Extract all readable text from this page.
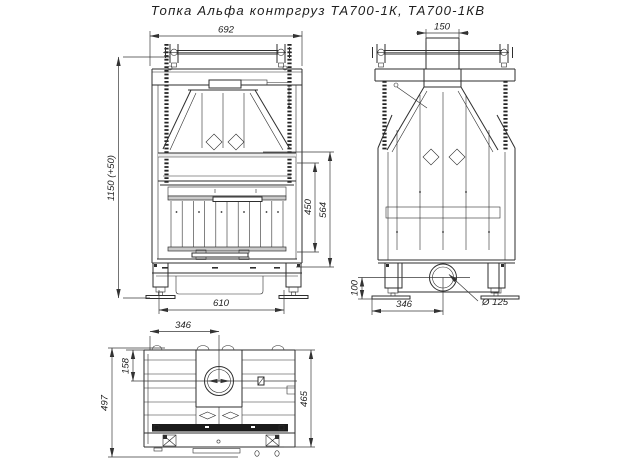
Топка Альфа контргруз ТА700-1К, ТА700-1КВ
692
1150 (+50)
450 564
610
150
100
346	Ø 125
346
158
497	465
